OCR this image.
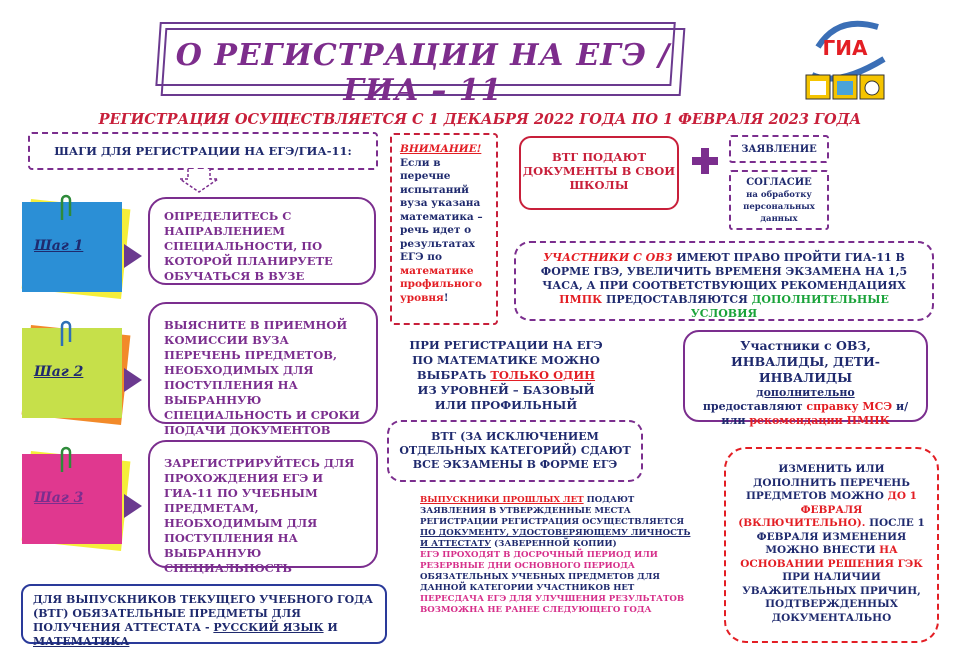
О РЕГИСТРАЦИИ НА ЕГЭ / ГИА – 11
ГИА
РЕГИСТРАЦИЯ ОСУЩЕСТВЛЯЕТСЯ С 1 ДЕКАБРЯ 2022 ГОДА ПО 1 ФЕВРАЛЯ 2023 ГОДА
ШАГИ ДЛЯ РЕГИСТРАЦИИ НА ЕГЭ/ГИА-11:
Шаг 1
ОПРЕДЕЛИТЕСЬ С НАПРАВЛЕНИЕМ СПЕЦИАЛЬНОСТИ, ПО КОТОРОЙ ПЛАНИРУЕТЕ ОБУЧАТЬСЯ В ВУЗЕ
Шаг 2
ВЫЯСНИТЕ В ПРИЕМНОЙ КОМИССИИ ВУЗА ПЕРЕЧЕНЬ ПРЕДМЕТОВ, НЕОБХОДИМЫХ ДЛЯ ПОСТУПЛЕНИЯ НА ВЫБРАННУЮ СПЕЦИАЛЬНОСТЬ И СРОКИ ПОДАЧИ ДОКУМЕНТОВ
Шаг 3
ЗАРЕГИСТРИРУЙТЕСЬ ДЛЯ ПРОХОЖДЕНИЯ ЕГЭ И ГИА-11 ПО УЧЕБНЫМ ПРЕДМЕТАМ, НЕОБХОДИМЫМ ДЛЯ ПОСТУПЛЕНИЯ НА ВЫБРАННУЮ СПЕЦИАЛЬНОСТЬ
ВНИМАНИЕ!
Если в перечне испытаний вуза указана математика – речь идет о результатах ЕГЭ по математике профильного уровня!
ВТГ ПОДАЮТ ДОКУМЕНТЫ В СВОИ ШКОЛЫ
ЗАЯВЛЕНИЕ
СОГЛАСИЕ
на обработку персональных данных
УЧАСТНИКИ С ОВЗ ИМЕЮТ ПРАВО ПРОЙТИ ГИА-11 В ФОРМЕ ГВЭ, УВЕЛИЧИТЬ ВРЕМЕНЯ ЭКЗАМЕНА НА 1,5 ЧАСА, А ПРИ СООТВЕТСТВУЮЩИХ РЕКОМЕНДАЦИЯХ ПМПК ПРЕДОСТАВЛЯЮТСЯ ДОПОЛНИТЕЛЬНЫЕ УСЛОВИЯ
ПРИ РЕГИСТРАЦИИ НА ЕГЭ ПО МАТЕМАТИКЕ МОЖНО ВЫБРАТЬ ТОЛЬКО ОДИН ИЗ УРОВНЕЙ – БАЗОВЫЙ ИЛИ ПРОФИЛЬНЫЙ
Участники с ОВЗ, ИНВАЛИДЫ, ДЕТИ-ИНВАЛИДЫ
дополнительно
предоставляют справку МСЭ и/или рекомендации ПМПК
ВТГ (ЗА ИСКЛЮЧЕНИЕМ ОТДЕЛЬНЫХ КАТЕГОРИЙ) СДАЮТ ВСЕ ЭКЗАМЕНЫ В ФОРМЕ ЕГЭ
ВЫПУСКНИКИ ПРОШЛЫХ ЛЕТ ПОДАЮТ ЗАЯВЛЕНИЯ В УТВЕРЖДЕННЫЕ МЕСТА РЕГИСТРАЦИИ РЕГИСТРАЦИЯ ОСУЩЕСТВЛЯЕТСЯ ПО ДОКУМЕНТУ, УДОСТОВЕРЯЮЩЕМУ ЛИЧНОСТЬ И АТТЕСТАТУ (ЗАВЕРЕННОЙ КОПИИ)
ЕГЭ ПРОХОДЯТ В ДОСРОЧНЫЙ ПЕРИОД ИЛИ РЕЗЕРВНЫЕ ДНИ ОСНОВНОГО ПЕРИОДА ОБЯЗАТЕЛЬНЫХ УЧЕБНЫХ ПРЕДМЕТОВ ДЛЯ ДАННОЙ КАТЕГОРИИ УЧАСТНИКОВ НЕТ
ПЕРЕСДАЧА ЕГЭ ДЛЯ УЛУЧШЕНИЯ РЕЗУЛЬТАТОВ ВОЗМОЖНА НЕ РАНЕЕ СЛЕДУЮЩЕГО ГОДА
ИЗМЕНИТЬ ИЛИ ДОПОЛНИТЬ ПЕРЕЧЕНЬ ПРЕДМЕТОВ МОЖНО ДО 1 ФЕВРАЛЯ (ВКЛЮЧИТЕЛЬНО). ПОСЛЕ 1 ФЕВРАЛЯ ИЗМЕНЕНИЯ МОЖНО ВНЕСТИ НА ОСНОВАНИИ РЕШЕНИЯ ГЭК ПРИ НАЛИЧИИ УВАЖИТЕЛЬНЫХ ПРИЧИН, ПОДТВЕРЖДЕННЫХ ДОКУМЕНТАЛЬНО
ДЛЯ ВЫПУСКНИКОВ ТЕКУЩЕГО УЧЕБНОГО ГОДА (ВТГ) ОБЯЗАТЕЛЬНЫЕ ПРЕДМЕТЫ ДЛЯ ПОЛУЧЕНИЯ АТТЕСТАТА - РУССКИЙ ЯЗЫК И МАТЕМАТИКА
